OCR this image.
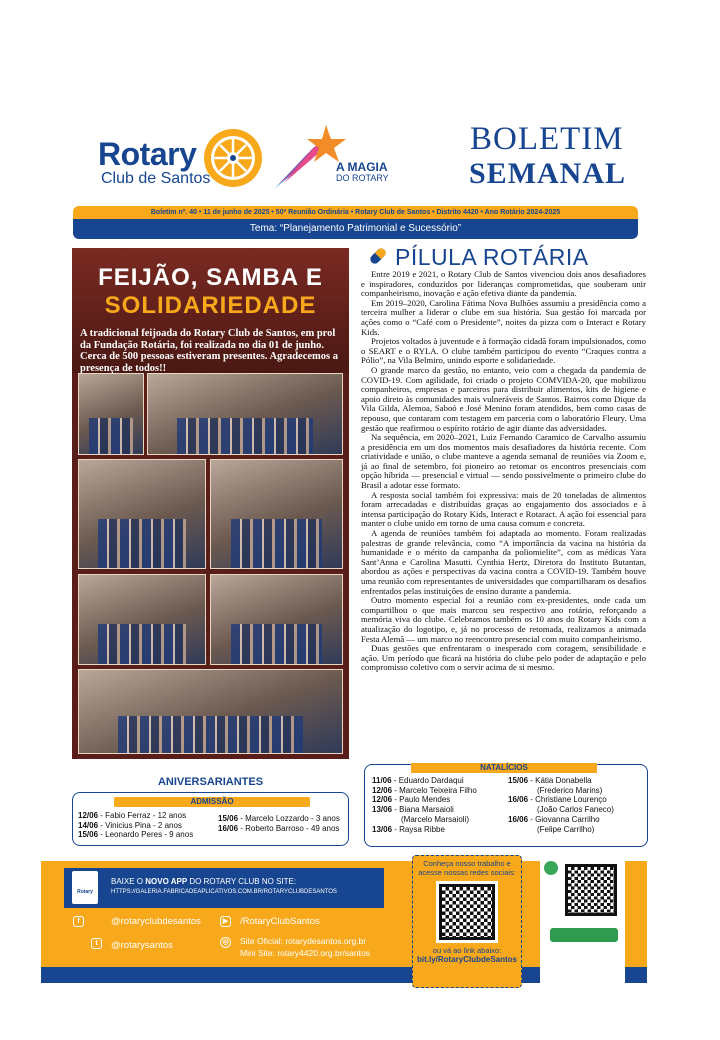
Rotary
Club de Santos
A MAGIA
DO ROTARY
BOLETIM
SEMANAL
Boletim nº. 40 • 11 de junho de 2025 • 50ª Reunião Ordinária • Rotary Club de Santos • Distrito 4420 • Ano Rotário 2024-2025
Tema: “Planejamento Patrimonial e Sucessório”
FEIJÃO, SAMBA E
SOLIDARIEDADE
A tradicional feijoada do Rotary Club de Santos, em prol da Fundação Rotária, foi realizada no dia 01 de junho. Cerca de 500 pessoas estiveram presentes. Agradecemos a presença de todos!!
PÍLULA ROTÁRIA

Entre 2019 e 2021, o Rotary Club de Santos vivenciou dois anos desafiadores e inspiradores, conduzidos por lideranças comprometidas, que souberam unir companheirismo, inovação e ação efetiva diante da pandemia.

Em 2019–2020, Carolina Fátima Nova Bulhões assumiu a presidência como a terceira mulher a liderar o clube em sua história. Sua gestão foi marcada por ações como o “Café com o Presidente”, noites da pizza com o Interact e Rotary Kids.

Projetos voltados à juventude e à formação cidadã foram impulsionados, como o SEART e o RYLA. O clube também participou do evento “Craques contra a Pólio”, na Vila Belmiro, unindo esporte e solidariedade.

O grande marco da gestão, no entanto, veio com a chegada da pandemia de COVID-19. Com agilidade, foi criado o projeto COMVIDA-20, que mobilizou companheiros, empresas e parceiros para distribuir alimentos, kits de higiene e apoio direto às comunidades mais vulneráveis de Santos. Bairros como Dique da Vila Gilda, Alemoa, Saboó e José Menino foram atendidos, bem como casas de repouso, que contaram com testagem em parceria com o laboratório Fleury. Uma gestão que reafirmou o espírito rotário de agir diante das adversidades.

Na sequência, em 2020–2021, Luiz Fernando Caramico de Carvalho assumiu a presidência em um dos momentos mais desafiadores da história recente. Com criatividade e união, o clube manteve a agenda semanal de reuniões via Zoom e, já ao final de setembro, foi pioneiro ao retomar os encontros presenciais com opção híbrida — presencial e virtual — sendo possivelmente o primeiro clube do Brasil a adotar esse formato.

A resposta social também foi expressiva: mais de 20 toneladas de alimentos foram arrecadadas e distribuídas graças ao engajamento dos associados e à intensa participação do Rotary Kids, Interact e Rotaract. A ação foi essencial para manter o clube unido em torno de uma causa comum e concreta.

A agenda de reuniões também foi adaptada ao momento. Foram realizadas palestras de grande relevância, como “A importância da vacina na história da humanidade e o mérito da campanha da poliomielite”, com as médicas Yara Sant’Anna e Carolina Masutti. Cynthia Hertz, Diretora do Instituto Butantan, abordou as ações e perspectivas da vacina contra a COVID-19. Também houve uma reunião com representantes de universidades que compartilharam os desafios enfrentados pelas instituições de ensino durante a pandemia.

Outro momento especial foi a reunião com ex-presidentes, onde cada um compartilhou o que mais marcou seu respectivo ano rotário, reforçando a memória viva do clube. Celebramos também os 10 anos do Rotary Kids com a atualização do logotipo, e, já no processo de retomada, realizamos a animada Festa Alemã — um marco no reencontro presencial com muito companheirismo.

Duas gestões que enfrentaram o inesperado com coragem, sensibilidade e ação. Um período que ficará na história do clube pelo poder de adaptação e pelo compromisso coletivo com o servir acima de si mesmo.

ANIVERSARIANTES
ADMISSÃO
12/06 - Fabio Ferraz - 12 anos
14/06 - Vinicius Pina - 2 anos
15/06 - Leonardo Peres - 9 anos
15/06 - Marcelo Lozzardo - 3 anos
16/06 - Roberto Barroso - 49 anos
NATALÍCIOS
11/06 - Eduardo Dardaqui
12/06 - Marcelo Teixeira Filho
12/06 - Paulo Mendes
13/06 - Biana Marsaioli
(Marcelo Marsaioli)
13/06 - Raysa Ribbe
15/06 - Kátia Donabella
(Frederico Marins)
16/06 - Christiane Lourenço
(João Carlos Faneco)
16/06 - Giovanna Carrilho
(Felipe Carrilho)
Rotary
BAIXE O NOVO APP DO ROTARY CLUB NO SITE:
HTTPS://GALERIA.FABRICADEAPLICATIVOS.COM.BR/ROTARYCLUBDESANTOS
f	@rotaryclubdesantos
t	@rotarysantos
▶ /RotaryClubSantos
◎ Site Oficial: rotarydesantos.org.br
Mini Site: rotary4420.org.br/santos
Conheça nosso trabalho e acesse nossas redes sociais:
ou vá ao link abaixo:
bit.ly/RotaryClubdeSantos
